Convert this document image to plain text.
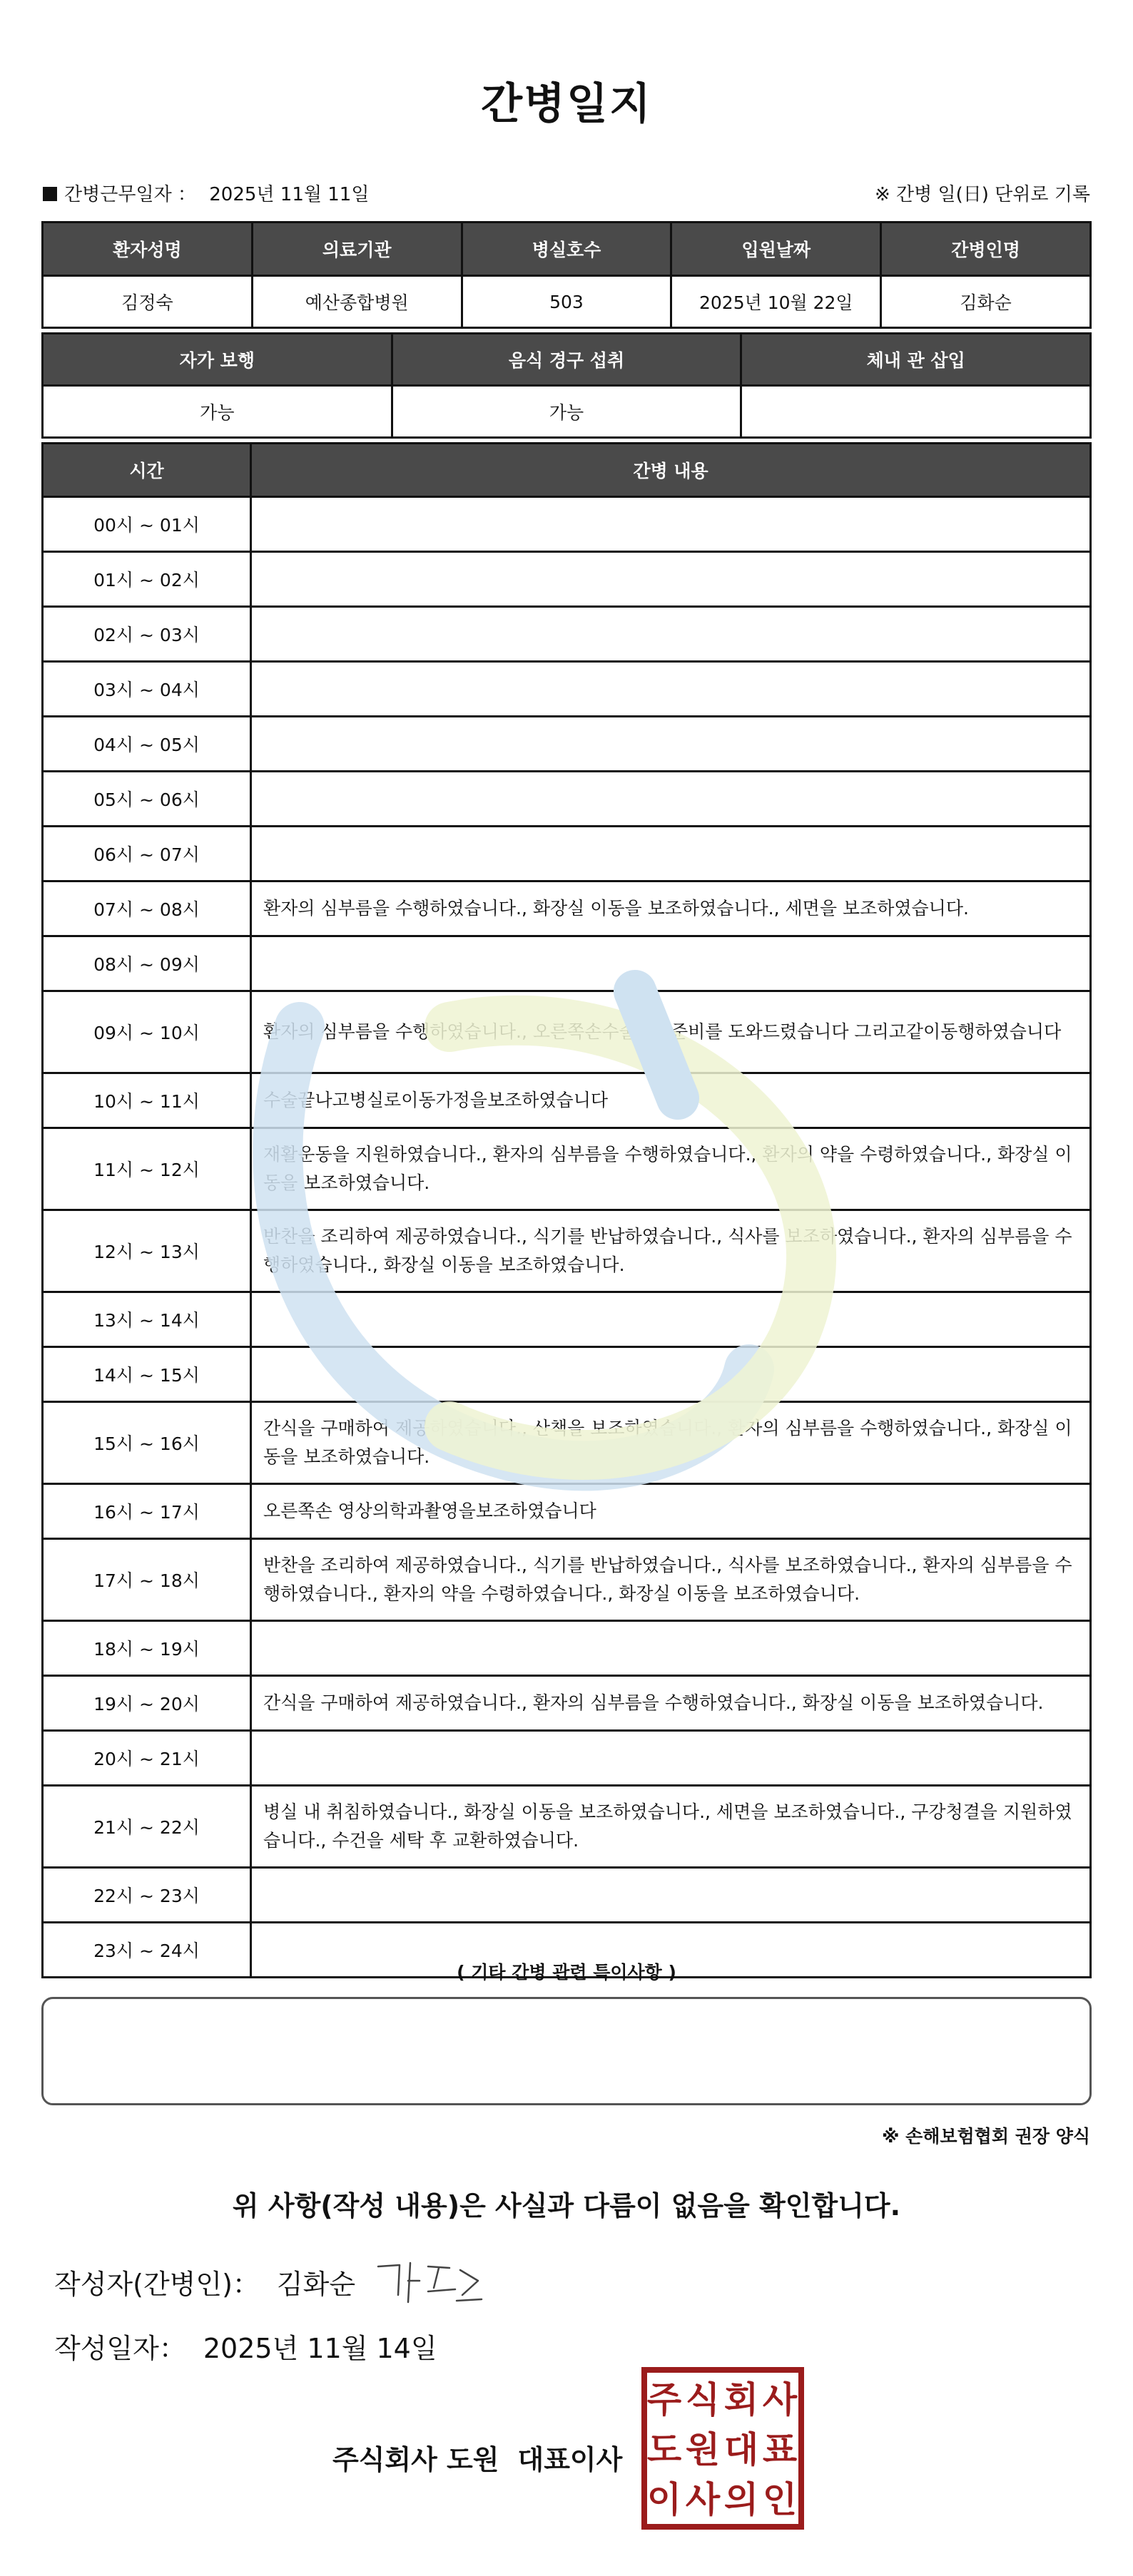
간병일지
간병근무일자 ： 2025년 11월 11일	※ 간병 일(日) 단위로 기록
환자성명	의료기관	병실호수	입원날짜	간병인명
김정숙	예산종합병원	503	2025년 10월 22일	김화순
자가 보행	음식 경구 섭취	체내 관 삽입
가능	가능	
시간	간병 내용
00시 ~ 01시	
01시 ~ 02시	
02시 ~ 03시	
03시 ~ 04시	
04시 ~ 05시	
05시 ~ 06시	
06시 ~ 07시	
07시 ~ 08시	환자의 심부름을 수행하였습니다., 화장실 이동을 보조하였습니다., 세면을 보조하였습니다.
08시 ~ 09시	
09시 ~ 10시	환자의 심부름을 수행하였습니다., 오른쪽손수술실갈준비를 도와드렸습니다 그리고같이동행하였습니다
10시 ~ 11시	수술끝나고병실로이동가정을보조하였습니다
11시 ~ 12시	재활운동을 지원하였습니다., 환자의 심부름을 수행하였습니다., 환자의 약을 수령하였습니다., 화장실 이동을 보조하였습니다.
12시 ~ 13시	반찬을 조리하여 제공하였습니다., 식기를 반납하였습니다., 식사를 보조하였습니다., 환자의 심부름을 수행하였습니다., 화장실 이동을 보조하였습니다.
13시 ~ 14시	
14시 ~ 15시	
15시 ~ 16시	간식을 구매하여 제공하였습니다., 산책을 보조하였습니다., 환자의 심부름을 수행하였습니다., 화장실 이동을 보조하였습니다.
16시 ~ 17시	오른쪽손 영상의학과촬영을보조하였습니다
17시 ~ 18시	반찬을 조리하여 제공하였습니다., 식기를 반납하였습니다., 식사를 보조하였습니다., 환자의 심부름을 수행하였습니다., 환자의 약을 수령하였습니다., 화장실 이동을 보조하였습니다.
18시 ~ 19시	
19시 ~ 20시	간식을 구매하여 제공하였습니다., 환자의 심부름을 수행하였습니다., 화장실 이동을 보조하였습니다.
20시 ~ 21시	
21시 ~ 22시	병실 내 취침하였습니다., 화장실 이동을 보조하였습니다., 세면을 보조하였습니다., 구강청결을 지원하였습니다., 수건을 세탁 후 교환하였습니다.
22시 ~ 23시	
23시 ~ 24시	
( 기타 간병 관련 특이사항 )
※ 손해보험협회 권장 양식
위 사항(작성 내용)은 사실과 다름이 없음을 확인합니다.
작성자(간병인)： 김화순
작성일자： 2025년 11월 14일
주식회사 도원 대표이사
주 식 회 사
도 원 대 표
이 사 의 인
